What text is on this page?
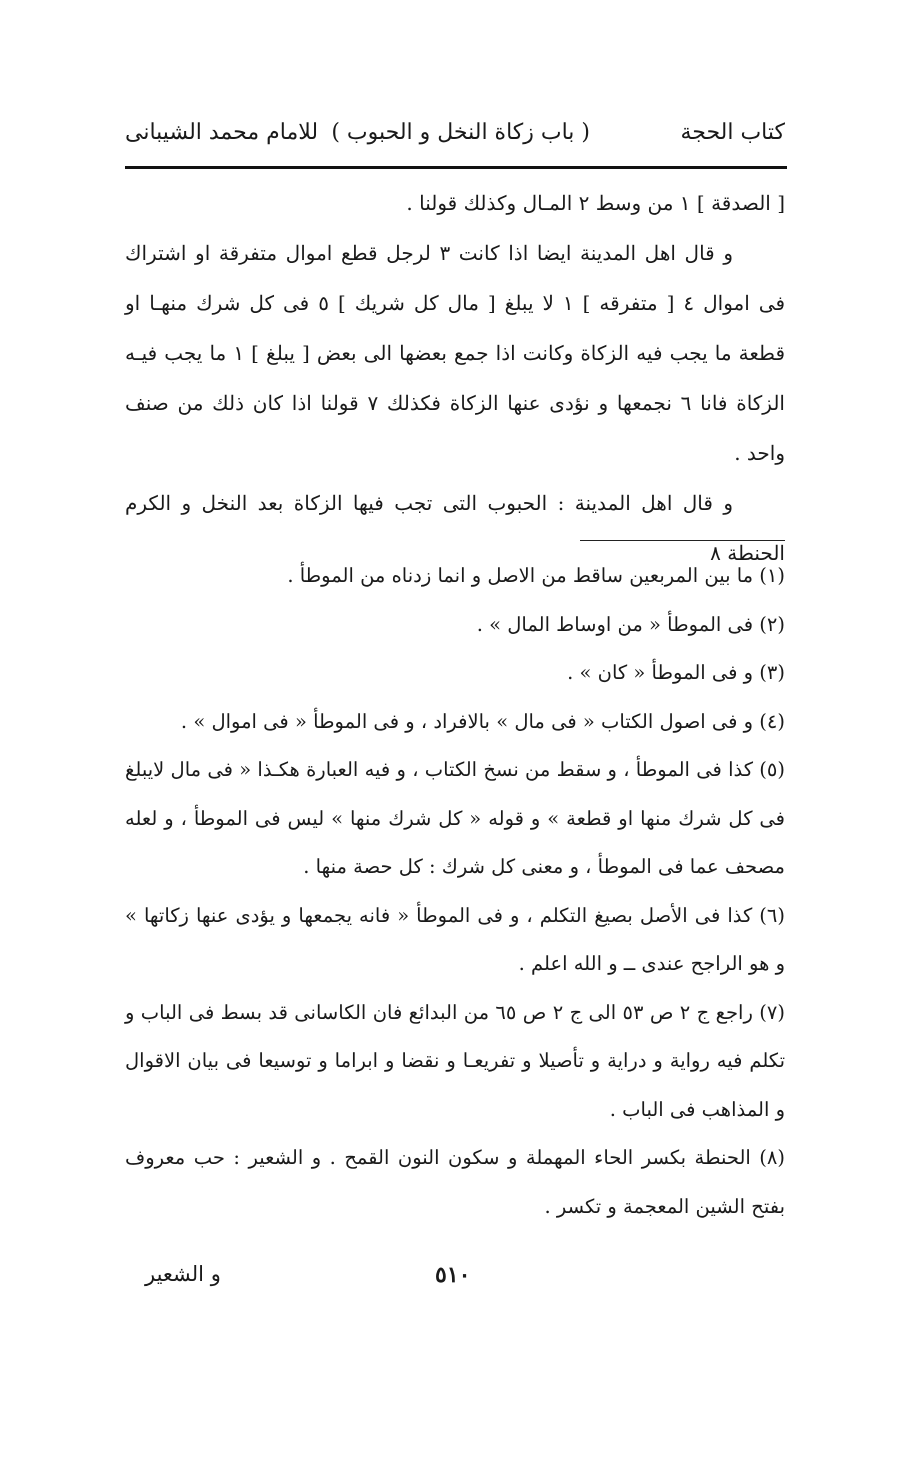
كتاب الحجة
( باب زكاة النخل و الحبوب )
للامام محمد الشيبانى

[ الصدقة ] ١ من وسط ٢ المـال وكذلك قولنا .

و قال اهل المدينة ايضا اذا كانت ٣ لرجل قطع اموال متفرقة او اشتراك فى اموال ٤ [ متفرقه ] ١ لا يبلغ [ مال كل شريك ] ٥ فى كل شرك منهـا او قطعة ما يجب فيه الزكاة وكانت اذا جمع بعضها الى بعض [ يبلغ ] ١ ما يجب فيـه الزكاة فانا ٦ نجمعها و نؤدى عنها الزكاة فكذلك ٧ قولنا اذا كان ذلك من صنف واحد .

و قال اهل المدينة : الحبوب التى تجب فيها الزكاة بعد النخل و الكرم الحنطة ٨

(١) ما بين المربعين ساقط من الاصل و انما زدناه من الموطأ .

(٢) فى الموطأ « من اوساط المال » .

(٣) و فى الموطأ « كان » .

(٤) و فى اصول الكتاب « فى مال » بالافراد ، و فى الموطأ « فى اموال » .

(٥) كذا فى الموطأ ، و سقط من نسخ الكتاب ، و فيه العبارة هكـذا « فى مال لايبلغ فى كل شرك منها او قطعة » و قوله « كل شرك منها » ليس فى الموطأ ، و لعله مصحف عما فى الموطأ ، و معنى كل شرك : كل حصة منها .

(٦) كذا فى الأصل بصيغ التكلم ، و فى الموطأ « فانه يجمعها و يؤدى عنها زكاتها » و هو الراجح عندى ــ و الله اعلم .

(٧) راجع ج ٢ ص ٥٣ الى ج ٢ ص ٦٥ من البدائع فان الكاسانى قد بسط فى الباب و تكلم فيه رواية و دراية و تأصيلا و تفريعـا و نقضا و ابراما و توسيعا فى بيان الاقوال و المذاهب فى الباب .

(٨) الحنطة بكسر الحاء المهملة و سكون النون القمح . و الشعير : حب معروف بفتح الشين المعجمة و تكسر .

٥١٠
و الشعير
